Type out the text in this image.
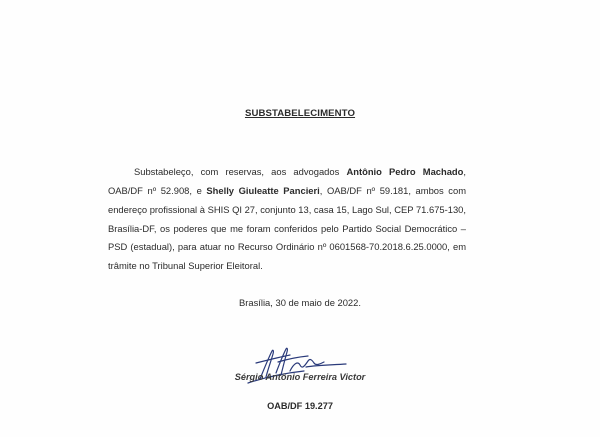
SUBSTABELECIMENTO

Substabeleço, com reservas, aos advogados Antônio Pedro Machado, OAB/DF nº 52.908, e Shelly Giuleatte Pancieri, OAB/DF nº 59.181, ambos com endereço profissional à SHIS QI 27, conjunto 13, casa 15, Lago Sul, CEP 71.675-130, Brasília-DF, os poderes que me foram conferidos pelo Partido Social Democrático – PSD (estadual), para atuar no Recurso Ordinário nº 0601568-70.2018.6.25.0000, em trâmite no Tribunal Superior Eleitoral.

Brasília, 30 de maio de 2022.
Sérgio Antônio Ferreira Victor
OAB/DF 19.277
